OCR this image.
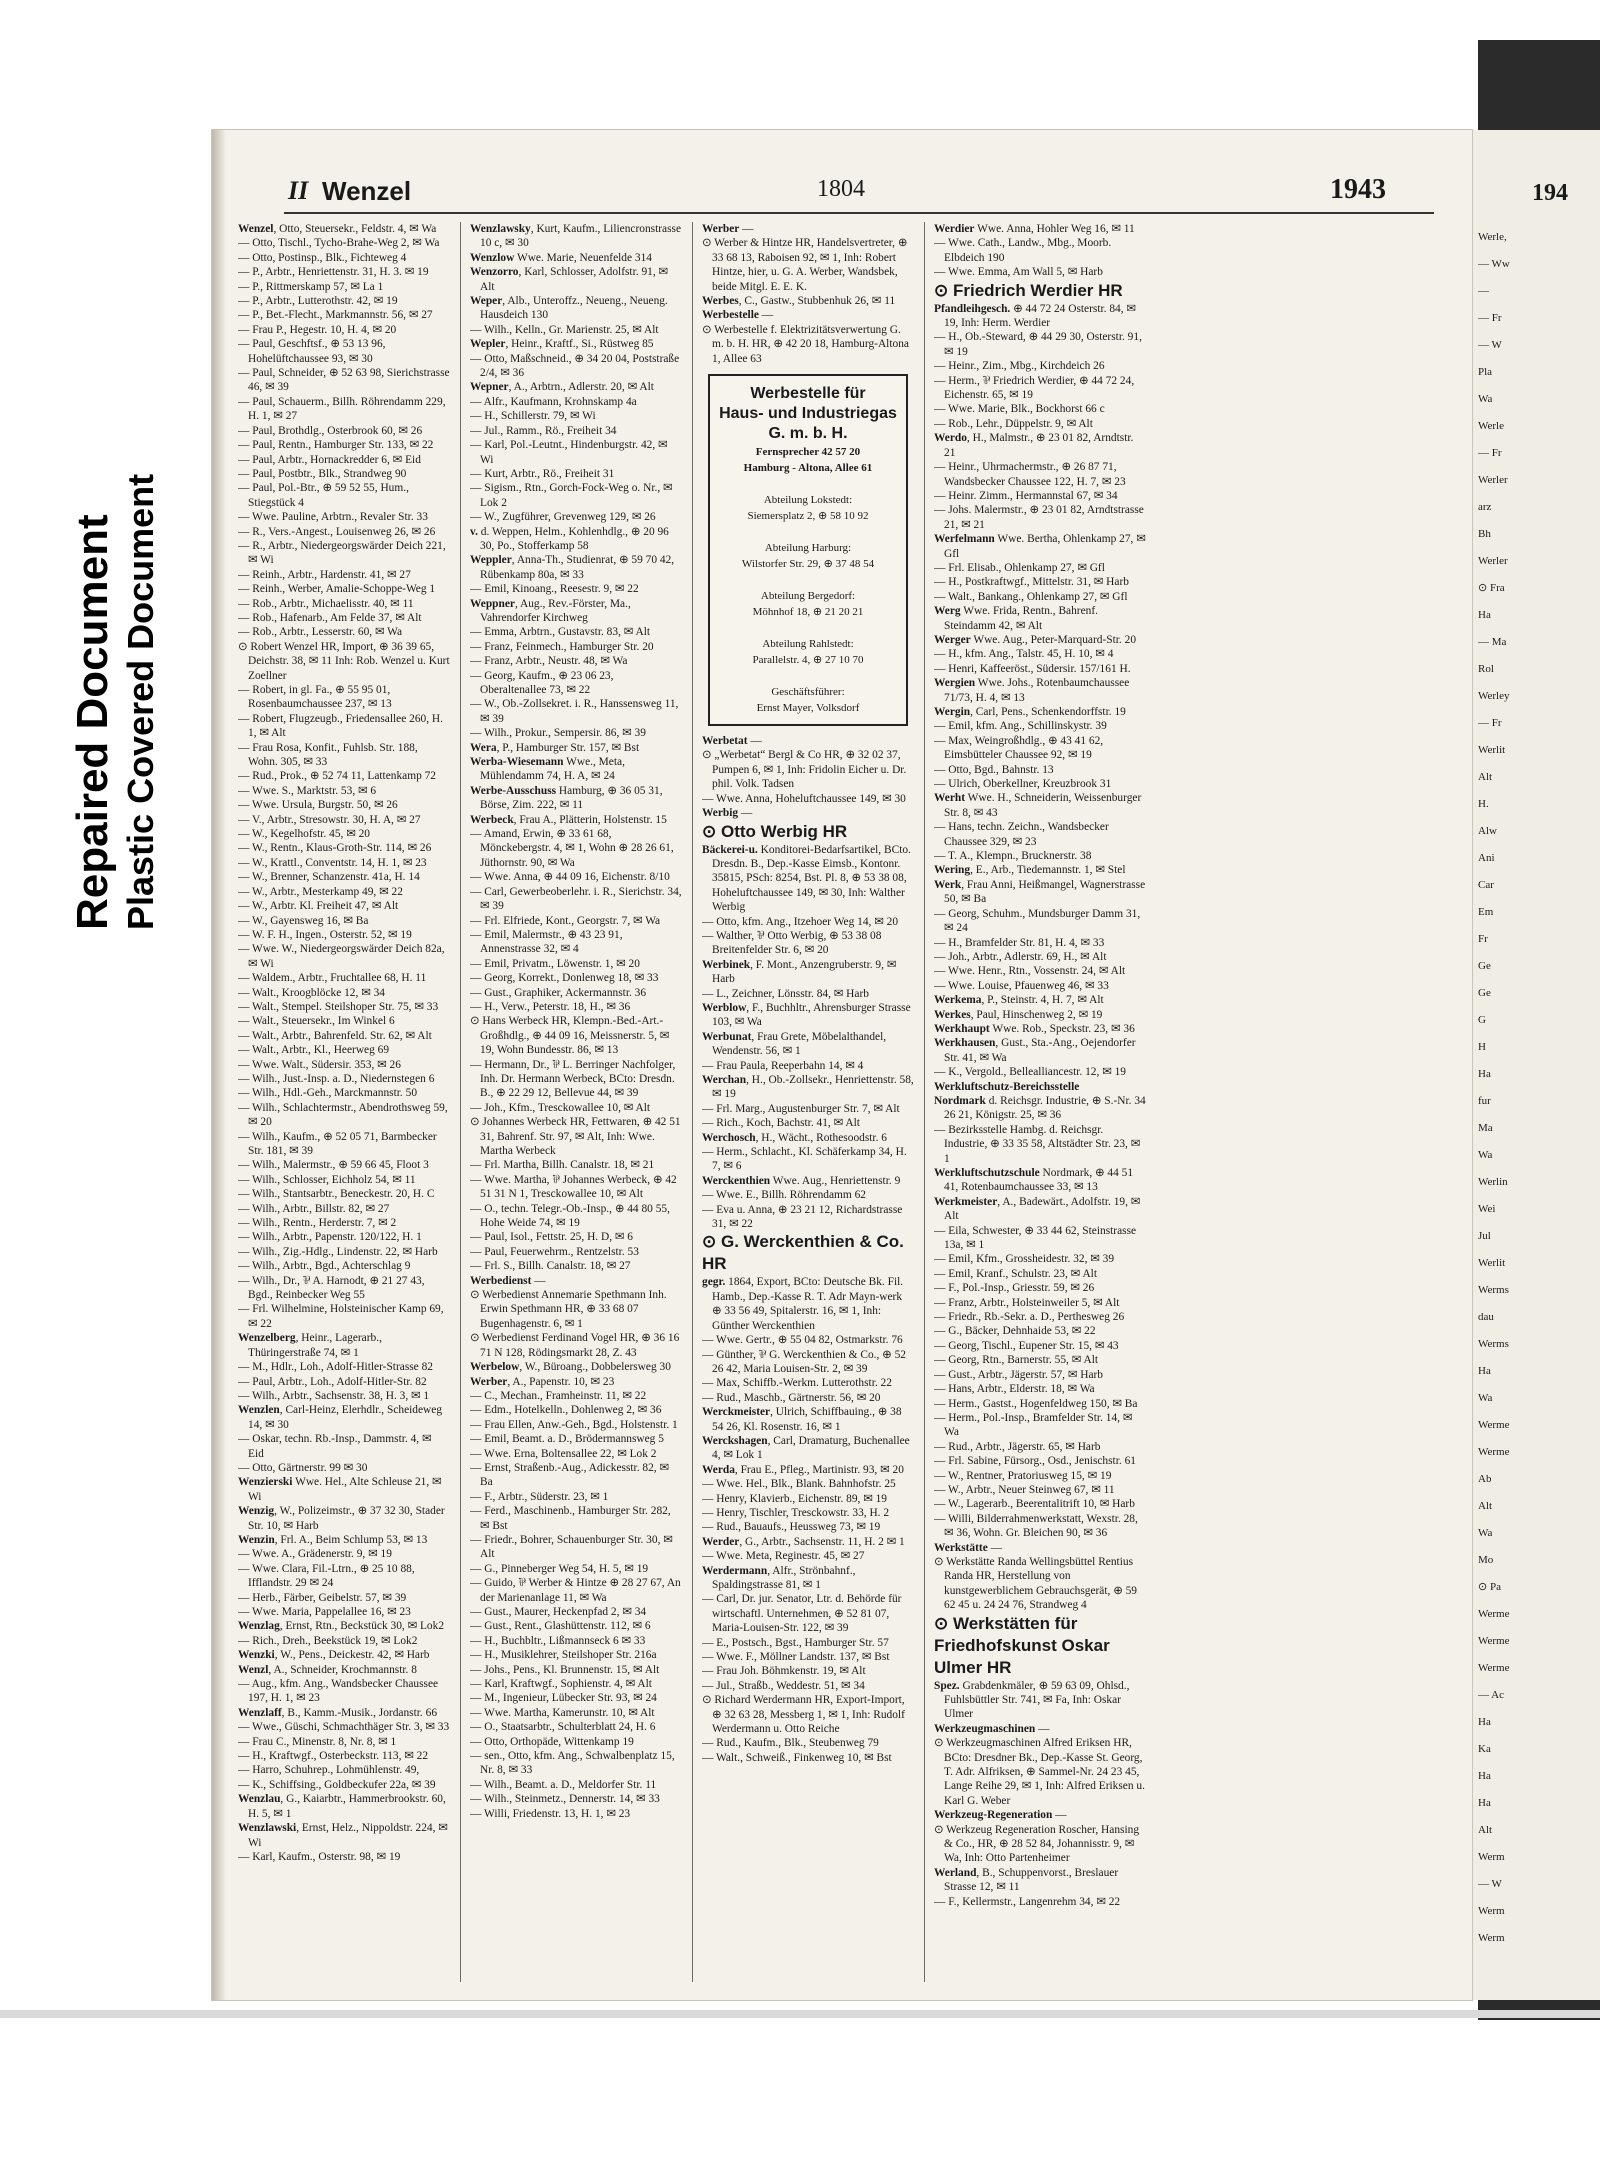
194
Werle,
— Ww
—
— Fr
— W
Pla
Wa
Werle
— Fr
Werler
arz
Bh
Werler
⊙ Fra
Ha
— Ma
Rol
Werley
— Fr
Werlit
Alt
H.
Alw
Ani
Car
Em
Fr
Ge
Ge
G
H
Ha
fur
Ma
Wa
Werlin
Wei
Jul
Werlit
Werms
dau
Werms
Ha
Wa
Werme
Werme
Ab
Alt
Wa
Mo
⊙ Pa
Werme
Werme
Werme
— Ac
Ha
Ka
Ha
Ha
Alt
Werm
— W
Werm
Werm
II Wenzel	1804	1943
Wenzel, Otto, Steuersekr., Feldstr. 4, ✉ Wa
— Otto, Tischl., Tycho-Brahe-Weg 2, ✉ Wa
— Otto, Postinsp., Blk., Fichteweg 4
— P., Arbtr., Henriettenstr. 31, H. 3. ✉ 19
— P., Rittmerskamp 57, ✉ La 1
— P., Arbtr., Lutterothstr. 42, ✉ 19
— P., Bet.-Flecht., Markmannstr. 56, ✉ 27
— Frau P., Hegestr. 10, H. 4, ✉ 20
— Paul, Geschftsf., ⊕ 53 13 96, Hohelüftchaussee 93, ✉ 30
— Paul, Schneider, ⊕ 52 63 98, Sierichstrasse 46, ✉ 39
— Paul, Schauerm., Billh. Röhrendamm 229, H. 1, ✉ 27
— Paul, Brothdlg., Osterbrook 60, ✉ 26
— Paul, Rentn., Hamburger Str. 133, ✉ 22
— Paul, Arbtr., Hornackredder 6, ✉ Eid
— Paul, Postbtr., Blk., Strandweg 90
— Paul, Pol.-Btr., ⊕ 59 52 55, Hum., Stiegstück 4
— Wwe. Pauline, Arbtrn., Revaler Str. 33
— R., Vers.-Angest., Louisenweg 26, ✉ 26
— R., Arbtr., Niedergeorgswärder Deich 221, ✉ Wi
— Reinh., Arbtr., Hardenstr. 41, ✉ 27
— Reinh., Werber, Amalie-Schoppe-Weg 1
— Rob., Arbtr., Michaelisstr. 40, ✉ 11
— Rob., Hafenarb., Am Felde 37, ✉ Alt
— Rob., Arbtr., Lesserstr. 60, ✉ Wa
⊙ Robert Wenzel HR, Import, ⊕ 36 39 65, Deichstr. 38, ✉ 11 Inh: Rob. Wenzel u. Kurt Zoellner
— Robert, in gl. Fa., ⊕ 55 95 01, Rosenbaumchaussee 237, ✉ 13
— Robert, Flugzeugb., Friedensallee 260, H. 1, ✉ Alt
— Frau Rosa, Konfit., Fuhlsb. Str. 188, Wohn. 305, ✉ 33
— Rud., Prok., ⊕ 52 74 11, Lattenkamp 72
— Wwe. S., Marktstr. 53, ✉ 6
— Wwe. Ursula, Burgstr. 50, ✉ 26
— V., Arbtr., Stresowstr. 30, H. A, ✉ 27
— W., Kegelhofstr. 45, ✉ 20
— W., Rentn., Klaus-Groth-Str. 114, ✉ 26
— W., Krattl., Conventstr. 14, H. 1, ✉ 23
— W., Brenner, Schanzenstr. 41a, H. 14
— W., Arbtr., Mesterkamp 49, ✉ 22
— W., Arbtr. Kl. Freiheit 47, ✉ Alt
— W., Gayensweg 16, ✉ Ba
— W. F. H., Ingen., Osterstr. 52, ✉ 19
— Wwe. W., Niedergeorgswärder Deich 82a, ✉ Wi
— Waldem., Arbtr., Fruchtallee 68, H. 11
— Walt., Kroogblöcke 12, ✉ 34
— Walt., Stempel. Steilshoper Str. 75, ✉ 33
— Walt., Steuersekr., Im Winkel 6
— Walt., Arbtr., Bahrenfeld. Str. 62, ✉ Alt
— Walt., Arbtr., Kl., Heerweg 69
— Wwe. Walt., Südersir. 353, ✉ 26
— Wilh., Just.-Insp. a. D., Niedernstegen 6
— Wilh., Hdl.-Geh., Marckmannstr. 50
— Wilh., Schlachtermstr., Abendrothsweg 59, ✉ 20
— Wilh., Kaufm., ⊕ 52 05 71, Barmbecker Str. 181, ✉ 39
— Wilh., Malermstr., ⊕ 59 66 45, Floot 3
— Wilh., Schlosser, Eichholz 54, ✉ 11
— Wilh., Stantsarbtr., Beneckestr. 20, H. C
— Wilh., Arbtr., Billstr. 82, ✉ 27
— Wilh., Rentn., Herderstr. 7, ✉ 2
— Wilh., Arbtr., Papenstr. 120/122, H. 1
— Wilh., Zig.-Hdlg., Lindenstr. 22, ✉ Harb
— Wilh., Arbtr., Bgd., Achterschlag 9
— Wilh., Dr., ⅌ A. Harnodt, ⊕ 21 27 43, Bgd., Reinbecker Weg 55
— Frl. Wilhelmine, Holsteinischer Kamp 69, ✉ 22
Wenzelberg, Heinr., Lagerarb., Thüringerstraße 74, ✉ 1
— M., Hdlr., Loh., Adolf-Hitler-Strasse 82
— Paul, Arbtr., Loh., Adolf-Hitler-Str. 82
— Wilh., Arbtr., Sachsenstr. 38, H. 3, ✉ 1
Wenzlen, Carl-Heinz, Elerhdlr., Scheideweg 14, ✉ 30
— Oskar, techn. Rb.-Insp., Dammstr. 4, ✉ Eid
— Otto, Gärtnerstr. 99 ✉ 30
Wenzierski Wwe. Hel., Alte Schleuse 21, ✉ Wi
Wenzig, W., Polizeimstr., ⊕ 37 32 30, Stader Str. 10, ✉ Harb
Wenzin, Frl. A., Beim Schlump 53, ✉ 13
— Wwe. A., Grädenerstr. 9, ✉ 19
— Wwe. Clara, Fil.-Ltrn., ⊕ 25 10 88, Ifflandstr. 29 ✉ 24
— Herb., Färber, Geibelstr. 57, ✉ 39
— Wwe. Maria, Pappelallee 16, ✉ 23
Wenzlag, Ernst, Rtn., Beckstück 30, ✉ Lok2
— Rich., Dreh., Beekstück 19, ✉ Lok2
Wenzki, W., Pens., Deickestr. 42, ✉ Harb
Wenzl, A., Schneider, Krochmannstr. 8
— Aug., kfm. Ang., Wandsbecker Chaussee 197, H. 1, ✉ 23
Wenzlaff, B., Kamm.-Musik., Jordanstr. 66
— Wwe., Güschi, Schmachthäger Str. 3, ✉ 33
— Frau C., Minenstr. 8, Nr. 8, ✉ 1
— H., Kraftwgf., Osterbeckstr. 113, ✉ 22
— Harro, Schuhrep., Lohmühlenstr. 49,
— K., Schiffsing., Goldbeckufer 22a, ✉ 39
Wenzlau, G., Kaiarbtr., Hammerbrookstr. 60, H. 5, ✉ 1
Wenzlawski, Ernst, Helz., Nippoldstr. 224, ✉ Wi
— Karl, Kaufm., Osterstr. 98, ✉ 19
Wenzlawsky, Kurt, Kaufm., Liliencronstrasse 10 c, ✉ 30
Wenzlow Wwe. Marie, Neuenfelde 314
Wenzorro, Karl, Schlosser, Adolfstr. 91, ✉ Alt
Weper, Alb., Unteroffz., Neueng., Neueng. Hausdeich 130
— Wilh., Kelln., Gr. Marienstr. 25, ✉ Alt
Wepler, Heinr., Kraftf., Si., Rüstweg 85
— Otto, Maßschneid., ⊕ 34 20 04, Poststraße 2/4, ✉ 36
Wepner, A., Arbtrn., Adlerstr. 20, ✉ Alt
— Alfr., Kaufmann, Krohnskamp 4a
— H., Schillerstr. 79, ✉ Wi
— Jul., Ramm., Rö., Freiheit 34
— Karl, Pol.-Leutnt., Hindenburgstr. 42, ✉ Wi
— Kurt, Arbtr., Rö., Freiheit 31
— Sigism., Rtn., Gorch-Fock-Weg o. Nr., ✉ Lok 2
— W., Zugführer, Grevenweg 129, ✉ 26
v. d. Weppen, Helm., Kohlenhdlg., ⊕ 20 96 30, Po., Stofferkamp 58
Weppler, Anna-Th., Studienrat, ⊕ 59 70 42, Rübenkamp 80a, ✉ 33
— Emil, Kinoang., Reesestr. 9, ✉ 22
Weppner, Aug., Rev.-Förster, Ma., Vahrendorfer Kirchweg
— Emma, Arbtrn., Gustavstr. 83, ✉ Alt
— Franz, Feinmech., Hamburger Str. 20
— Franz, Arbtr., Neustr. 48, ✉ Wa
— Georg, Kaufm., ⊕ 23 06 23, Oberaltenallee 73, ✉ 22
— W., Ob.-Zollsekret. i. R., Hanssensweg 11, ✉ 39
— Wilh., Prokur., Sempersir. 86, ✉ 39
Wera, P., Hamburger Str. 157, ✉ Bst
Werba-Wiesemann Wwe., Meta, Mühlendamm 74, H. A, ✉ 24
Werbe-Ausschuss Hamburg, ⊕ 36 05 31, Börse, Zim. 222, ✉ 11
Werbeck, Frau A., Plätterin, Holstenstr. 15
— Amand, Erwin, ⊕ 33 61 68, Mönckebergstr. 4, ✉ 1, Wohn ⊕ 28 26 61, Jüthornstr. 90, ✉ Wa
— Wwe. Anna, ⊕ 44 09 16, Eichenstr. 8/10
— Carl, Gewerbeoberlehr. i. R., Sierichstr. 34, ✉ 39
— Frl. Elfriede, Kont., Georgstr. 7, ✉ Wa
— Emil, Malermstr., ⊕ 43 23 91, Annenstrasse 32, ✉ 4
— Emil, Privatm., Löwenstr. 1, ✉ 20
— Georg, Korrekt., Donlenweg 18, ✉ 33
— Gust., Graphiker, Ackermannstr. 36
— H., Verw., Peterstr. 18, H., ✉ 36
⊙ Hans Werbeck HR, Klempn.-Bed.-Art.-Großhdlg., ⊕ 44 09 16, Meissnerstr. 5, ✉ 19, Wohn Bundesstr. 86, ✉ 13
— Hermann, Dr., ⅌ L. Berringer Nachfolger, Inh. Dr. Hermann Werbeck, BCto: Dresdn. B., ⊕ 22 29 12, Bellevue 44, ✉ 39
— Joh., Kfm., Tresckowallee 10, ✉ Alt
⊙ Johannes Werbeck HR, Fettwaren, ⊕ 42 51 31, Bahrenf. Str. 97, ✉ Alt, Inh: Wwe. Martha Werbeck
— Frl. Martha, Billh. Canalstr. 18, ✉ 21
— Wwe. Martha, ⅌ Johannes Werbeck, ⊕ 42 51 31 N 1, Tresckowallee 10, ✉ Alt
— O., techn. Telegr.-Ob.-Insp., ⊕ 44 80 55, Hohe Weide 74, ✉ 19
— Paul, Isol., Fettstr. 25, H. D, ✉ 6
— Paul, Feuerwehrm., Rentzelstr. 53
— Frl. S., Billh. Canalstr. 18, ✉ 27
Werbedienst —
⊙ Werbedienst Annemarie Spethmann Inh. Erwin Spethmann HR, ⊕ 33 68 07 Bugenhagenstr. 6, ✉ 1
⊙ Werbedienst Ferdinand Vogel HR, ⊕ 36 16 71 N 128, Rödingsmarkt 28, Z. 43
Werbelow, W., Büroang., Dobbelersweg 30
Werber, A., Papenstr. 10, ✉ 23
— C., Mechan., Framheinstr. 11, ✉ 22
— Edm., Hotelkelln., Dohlenweg 2, ✉ 36
— Frau Ellen, Anw.-Geh., Bgd., Holstenstr. 1
— Emil, Beamt. a. D., Brödermannsweg 5
— Wwe. Erna, Boltensallee 22, ✉ Lok 2
— Ernst, Straßenb.-Aug., Adickesstr. 82, ✉ Ba
— F., Arbtr., Süderstr. 23, ✉ 1
— Ferd., Maschinenb., Hamburger Str. 282, ✉ Bst
— Friedr., Bohrer, Schauenburger Str. 30, ✉ Alt
— G., Pinneberger Weg 54, H. 5, ✉ 19
— Guido, ⅌ Werber & Hintze ⊕ 28 27 67, An der Marienanlage 11, ✉ Wa
— Gust., Maurer, Heckenpfad 2, ✉ 34
— Gust., Rent., Glashüttenstr. 112, ✉ 6
— H., Buchbltr., Lißmannseck 6 ✉ 33
— H., Musiklehrer, Steilshoper Str. 216a
— Johs., Pens., Kl. Brunnenstr. 15, ✉ Alt
— Karl, Kraftwgf., Sophienstr. 4, ✉ Alt
— M., Ingenieur, Lübecker Str. 93, ✉ 24
— Wwe. Martha, Kamerunstr. 10, ✉ Alt
— O., Staatsarbtr., Schulterblatt 24, H. 6
— Otto, Orthopäde, Wittenkamp 19
— sen., Otto, kfm. Ang., Schwalbenplatz 15, Nr. 8, ✉ 33
— Wilh., Beamt. a. D., Meldorfer Str. 11
— Wilh., Steinmetz., Dennerstr. 14, ✉ 33
— Willi, Friedenstr. 13, H. 1, ✉ 23
Werber —
⊙ Werber & Hintze HR, Handelsvertreter, ⊕ 33 68 13, Raboisen 92, ✉ 1, Inh: Robert Hintze, hier, u. G. A. Werber, Wandsbek, beide Mitgl. E. E. K.
Werbes, C., Gastw., Stubbenhuk 26, ✉ 11
Werbestelle —
⊙ Werbestelle f. Elektrizitätsverwertung G. m. b. H. HR, ⊕ 42 20 18, Hamburg-Altona 1, Allee 63
Werbestelle für
Haus- und Industriegas
G. m. b. H.
Fernsprecher 42 57 20
Hamburg - Altona, Allee 61

Abteilung Lokstedt:
Siemersplatz 2, ⊕ 58 10 92

Abteilung Harburg:
Wilstorfer Str. 29, ⊕ 37 48 54

Abteilung Bergedorf:
Möhnhof 18, ⊕ 21 20 21

Abteilung Rahlstedt:
Parallelstr. 4, ⊕ 27 10 70

Geschäftsführer:
Ernst Mayer, Volksdorf
Werbetat —
⊙ „Werbetat“ Bergl & Co HR, ⊕ 32 02 37, Pumpen 6, ✉ 1, Inh: Fridolin Eicher u. Dr. phil. Volk. Tadsen
— Wwe. Anna, Hoheluftchaussee 149, ✉ 30
Werbig —
⊙ Otto Werbig HR
Bäckerei-u. Konditorei-Bedarfsartikel, BCto. Dresdn. B., Dep.-Kasse Eimsb., Kontonr. 35815, PSch: 8254, Bst. Pl. 8, ⊕ 53 38 08, Hoheluftchaussee 149, ✉ 30, Inh: Walther Werbig
— Otto, kfm. Ang., Itzehoer Weg 14, ✉ 20
— Walther, ⅌ Otto Werbig, ⊕ 53 38 08 Breitenfelder Str. 6, ✉ 20
Werbinek, F. Mont., Anzengruberstr. 9, ✉ Harb
— L., Zeichner, Lönsstr. 84, ✉ Harb
Werblow, F., Buchhltr., Ahrensburger Strasse 103, ✉ Wa
Werbunat, Frau Grete, Möbelalthandel, Wendenstr. 56, ✉ 1
— Frau Paula, Reeperbahn 14, ✉ 4
Werchan, H., Ob.-Zollsekr., Henriettenstr. 58, ✉ 19
— Frl. Marg., Augustenburger Str. 7, ✉ Alt
— Rich., Koch, Bachstr. 41, ✉ Alt
Werchosch, H., Wächt., Rothesoodstr. 6
— Herm., Schlacht., Kl. Schäferkamp 34, H. 7, ✉ 6
Werckenthien Wwe. Aug., Henriettenstr. 9
— Wwe. E., Billh. Röhrendamm 62
— Eva u. Anna, ⊕ 23 21 12, Richardstrasse 31, ✉ 22
⊙ G. Werckenthien & Co. HR
gegr. 1864, Export, BCto: Deutsche Bk. Fil. Hamb., Dep.-Kasse R. T. Adr Mayn-werk ⊕ 33 56 49, Spitalerstr. 16, ✉ 1, Inh: Günther Werckenthien
— Wwe. Gertr., ⊕ 55 04 82, Ostmarkstr. 76
— Günther, ⅌ G. Werckenthien & Co., ⊕ 52 26 42, Maria Louisen-Str. 2, ✉ 39
— Max, Schiffb.-Werkm. Lutterothstr. 22
— Rud., Maschb., Gärtnerstr. 56, ✉ 20
Werckmeister, Ulrich, Schiffbauing., ⊕ 38 54 26, Kl. Rosenstr. 16, ✉ 1
Werckshagen, Carl, Dramaturg, Buchenallee 4, ✉ Lok 1
Werda, Frau E., Pfleg., Martinistr. 93, ✉ 20
— Wwe. Hel., Blk., Blank. Bahnhofstr. 25
— Henry, Klavierb., Eichenstr. 89, ✉ 19
— Henry, Tischler, Tresckowstr. 33, H. 2
— Rud., Bauaufs., Heussweg 73, ✉ 19
Werder, G., Arbtr., Sachsenstr. 11, H. 2 ✉ 1
— Wwe. Meta, Reginestr. 45, ✉ 27
Werdermann, Alfr., Strönbahnf., Spaldingstrasse 81, ✉ 1
— Carl, Dr. jur. Senator, Ltr. d. Behörde für wirtschaftl. Unternehmen, ⊕ 52 81 07, Maria-Louisen-Str. 122, ✉ 39
— E., Postsch., Bgst., Hamburger Str. 57
— Wwe. F., Möllner Landstr. 137, ✉ Bst
— Frau Joh. Böhmkenstr. 19, ✉ Alt
— Jul., Straßb., Weddestr. 51, ✉ 34
⊙ Richard Werdermann HR, Export-Import, ⊕ 32 63 28, Messberg 1, ✉ 1, Inh: Rudolf Werdermann u. Otto Reiche
— Rud., Kaufm., Blk., Steubenweg 79
— Walt., Schweiß., Finkenweg 10, ✉ Bst
Werdier Wwe. Anna, Hohler Weg 16, ✉ 11
— Wwe. Cath., Landw., Mbg., Moorb. Elbdeich 190
— Wwe. Emma, Am Wall 5, ✉ Harb
⊙ Friedrich Werdier HR
Pfandleihgesch. ⊕ 44 72 24 Osterstr. 84, ✉ 19, Inh: Herm. Werdier
— H., Ob.-Steward, ⊕ 44 29 30, Osterstr. 91, ✉ 19
— Heinr., Zim., Mbg., Kirchdeich 26
— Herm., ⅌ Friedrich Werdier, ⊕ 44 72 24, Eichenstr. 65, ✉ 19
— Wwe. Marie, Blk., Bockhorst 66 c
— Rob., Lehr., Düppelstr. 9, ✉ Alt
Werdo, H., Malmstr., ⊕ 23 01 82, Arndtstr. 21
— Heinr., Uhrmachermstr., ⊕ 26 87 71, Wandsbecker Chaussee 122, H. 7, ✉ 23
— Heinr. Zimm., Hermannstal 67, ✉ 34
— Johs. Malermstr., ⊕ 23 01 82, Arndtstrasse 21, ✉ 21
Werfelmann Wwe. Bertha, Ohlenkamp 27, ✉ Gfl
— Frl. Elisab., Ohlenkamp 27, ✉ Gfl
— H., Postkraftwgf., Mittelstr. 31, ✉ Harb
— Walt., Bankang., Ohlenkamp 27, ✉ Gfl
Werg Wwe. Frida, Rentn., Bahrenf. Steindamm 42, ✉ Alt
Werger Wwe. Aug., Peter-Marquard-Str. 20
— H., kfm. Ang., Talstr. 45, H. 10, ✉ 4
— Henri, Kaffeeröst., Südersir. 157/161 H.
Wergien Wwe. Johs., Rotenbaumchaussee 71/73, H. 4, ✉ 13
Wergin, Carl, Pens., Schenkendorffstr. 19
— Emil, kfm. Ang., Schillinskystr. 39
— Max, Weingroßhdlg., ⊕ 43 41 62, Eimsbütteler Chaussee 92, ✉ 19
— Otto, Bgd., Bahnstr. 13
— Ulrich, Oberkellner, Kreuzbrook 31
Werht Wwe. H., Schneiderin, Weissenburger Str. 8, ✉ 43
— Hans, techn. Zeichn., Wandsbecker Chaussee 329, ✉ 23
— T. A., Klempn., Brucknerstr. 38
Wering, E., Arb., Tiedemannstr. 1, ✉ Stel
Werk, Frau Anni, Heißmangel, Wagnerstrasse 50, ✉ Ba
— Georg, Schuhm., Mundsburger Damm 31, ✉ 24
— H., Bramfelder Str. 81, H. 4, ✉ 33
— Joh., Arbtr., Adlerstr. 69, H., ✉ Alt
— Wwe. Henr., Rtn., Vossenstr. 24, ✉ Alt
— Wwe. Louise, Pfauenweg 46, ✉ 33
Werkema, P., Steinstr. 4, H. 7, ✉ Alt
Werkes, Paul, Hinschenweg 2, ✉ 19
Werkhaupt Wwe. Rob., Speckstr. 23, ✉ 36
Werkhausen, Gust., Sta.-Ang., Oejendorfer Str. 41, ✉ Wa
— K., Vergold., Bellealliancestr. 12, ✉ 19
Werkluftschutz-Bereichsstelle
Nordmark d. Reichsgr. Industrie, ⊕ S.-Nr. 34 26 21, Königstr. 25, ✉ 36
— Bezirksstelle Hambg. d. Reichsgr. Industrie, ⊕ 33 35 58, Altstädter Str. 23, ✉ 1
Werkluftschutzschule Nordmark, ⊕ 44 51 41, Rotenbaumchaussee 33, ✉ 13
Werkmeister, A., Badewärt., Adolfstr. 19, ✉ Alt
— Eila, Schwester, ⊕ 33 44 62, Steinstrasse 13a, ✉ 1
— Emil, Kfm., Grossheidestr. 32, ✉ 39
— Emil, Kranf., Schulstr. 23, ✉ Alt
— F., Pol.-Insp., Griesstr. 59, ✉ 26
— Franz, Arbtr., Holsteinweiler 5, ✉ Alt
— Friedr., Rb.-Sekr. a. D., Perthesweg 26
— G., Bäcker, Dehnhaide 53, ✉ 22
— Georg, Tischl., Eupener Str. 15, ✉ 43
— Georg, Rtn., Barnerstr. 55, ✉ Alt
— Gust., Arbtr., Jägerstr. 57, ✉ Harb
— Hans, Arbtr., Elderstr. 18, ✉ Wa
— Herm., Gastst., Hogenfeldweg 150, ✉ Ba
— Herm., Pol.-Insp., Bramfelder Str. 14, ✉ Wa
— Rud., Arbtr., Jägerstr. 65, ✉ Harb
— Frl. Sabine, Fürsorg., Osd., Jenischstr. 61
— W., Rentner, Pratoriusweg 15, ✉ 19
— W., Arbtr., Neuer Steinweg 67, ✉ 11
— W., Lagerarb., Beerentalitrift 10, ✉ Harb
— Willi, Bilderrahmenwerkstatt, Wexstr. 28, ✉ 36, Wohn. Gr. Bleichen 90, ✉ 36
Werkstätte —
⊙ Werkstätte Randa Wellingsbüttel Rentius Randa HR, Herstellung von kunstgewerblichem Gebrauchsgerät, ⊕ 59 62 45 u. 24 24 76, Strandweg 4
⊙ Werkstätten für Friedhofskunst Oskar Ulmer HR
Spez. Grabdenkmäler, ⊕ 59 63 09, Ohlsd., Fuhlsbüttler Str. 741, ✉ Fa, Inh: Oskar Ulmer
Werkzeugmaschinen —
⊙ Werkzeugmaschinen Alfred Eriksen HR, BCto: Dresdner Bk., Dep.-Kasse St. Georg, T. Adr. Alfriksen, ⊕ Sammel-Nr. 24 23 45, Lange Reihe 29, ✉ 1, Inh: Alfred Eriksen u. Karl G. Weber
Werkzeug-Regeneration —
⊙ Werkzeug Regeneration Roscher, Hansing & Co., HR, ⊕ 28 52 84, Johannisstr. 9, ✉ Wa, Inh: Otto Partenheimer
Werland, B., Schuppenvorst., Breslauer Strasse 12, ✉ 11
— F., Kellermstr., Langenrehm 34, ✉ 22
Repaired Document Plastic Covered Document
